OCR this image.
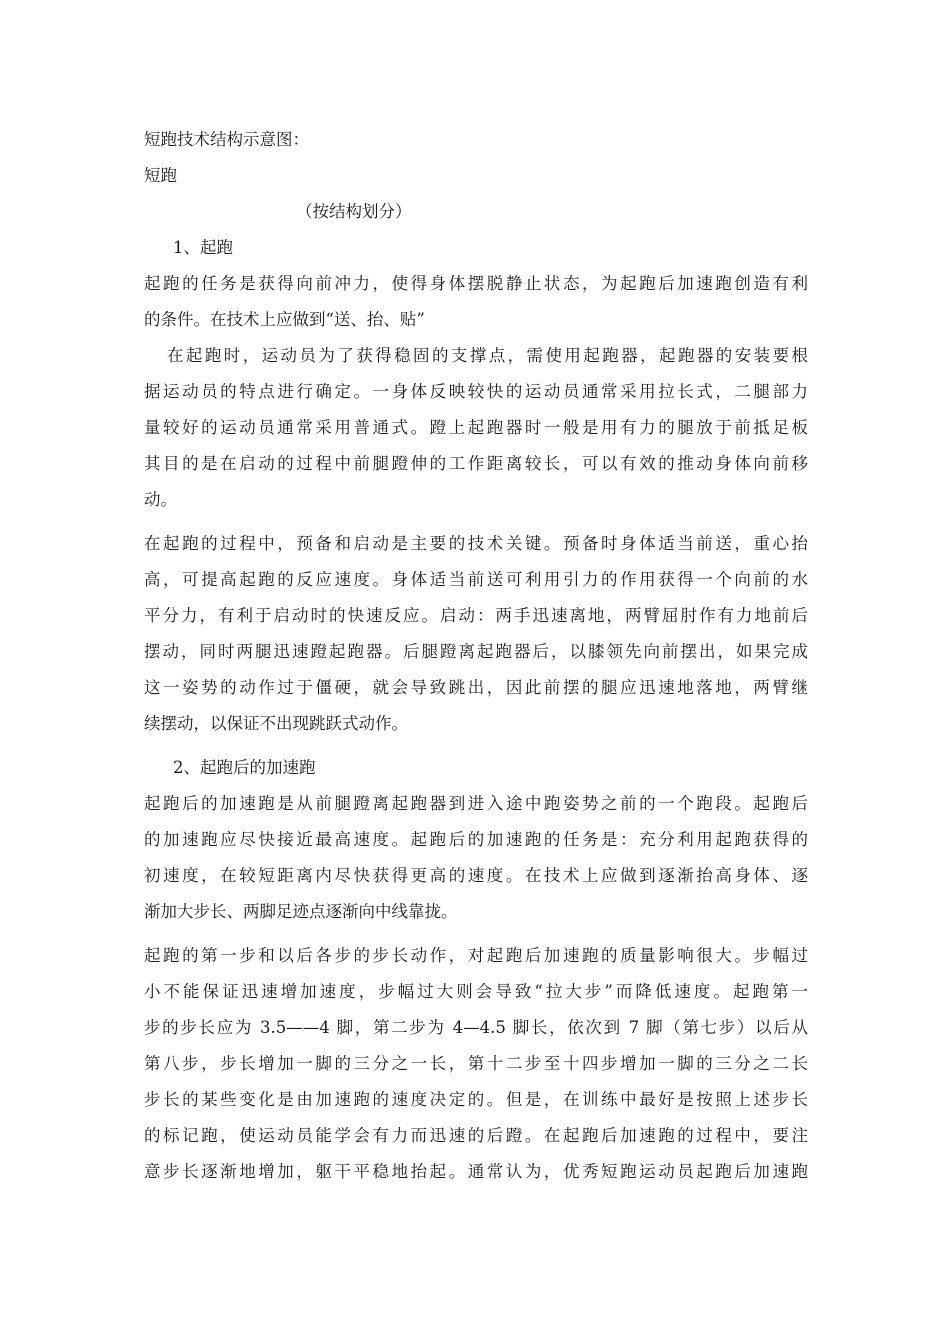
短跑技术结构示意图：
短跑
（按结构划分）
1、起跑
起跑的任务是获得向前冲力，使得身体摆脱静止状态，为起跑后加速跑创造有利
的条件。在技术上应做到“送、抬、贴”
在起跑时，运动员为了获得稳固的支撑点，需使用起跑器，起跑器的安装要根
据运动员的特点进行确定。一身体反映较快的运动员通常采用拉长式，二腿部力
量较好的运动员通常采用普通式。蹬上起跑器时一般是用有力的腿放于前抵足板
其目的是在启动的过程中前腿蹬伸的工作距离较长，可以有效的推动身体向前移
动。
在起跑的过程中，预备和启动是主要的技术关键。预备时身体适当前送，重心抬
高，可提高起跑的反应速度。身体适当前送可利用引力的作用获得一个向前的水
平分力，有利于启动时的快速反应。启动：两手迅速离地，两臂屈肘作有力地前后
摆动，同时两腿迅速蹬起跑器。后腿蹬离起跑器后，以膝领先向前摆出，如果完成
这一姿势的动作过于僵硬，就会导致跳出，因此前摆的腿应迅速地落地，两臂继
续摆动，以保证不出现跳跃式动作。
2、起跑后的加速跑
起跑后的加速跑是从前腿蹬离起跑器到进入途中跑姿势之前的一个跑段。起跑后
的加速跑应尽快接近最高速度。起跑后的加速跑的任务是：充分利用起跑获得的
初速度，在较短距离内尽快获得更高的速度。在技术上应做到逐渐抬高身体、逐
渐加大步长、两脚足迹点逐渐向中线靠拢。
起跑的第一步和以后各步的步长动作，对起跑后加速跑的质量影响很大。步幅过
小不能保证迅速增加速度，步幅过大则会导致“拉大步”而降低速度。起跑第一
步的步长应为 3.5——4 脚，第二步为 4—4.5 脚长，依次到 7 脚（第七步）以后从
第八步，步长增加一脚的三分之一长，第十二步至十四步增加一脚的三分之二长
步长的某些变化是由加速跑的速度决定的。但是，在训练中最好是按照上述步长
的标记跑，使运动员能学会有力而迅速的后蹬。在起跑后加速跑的过程中，要注
意步长逐渐地增加，躯干平稳地抬起。通常认为，优秀短跑运动员起跑后加速跑
